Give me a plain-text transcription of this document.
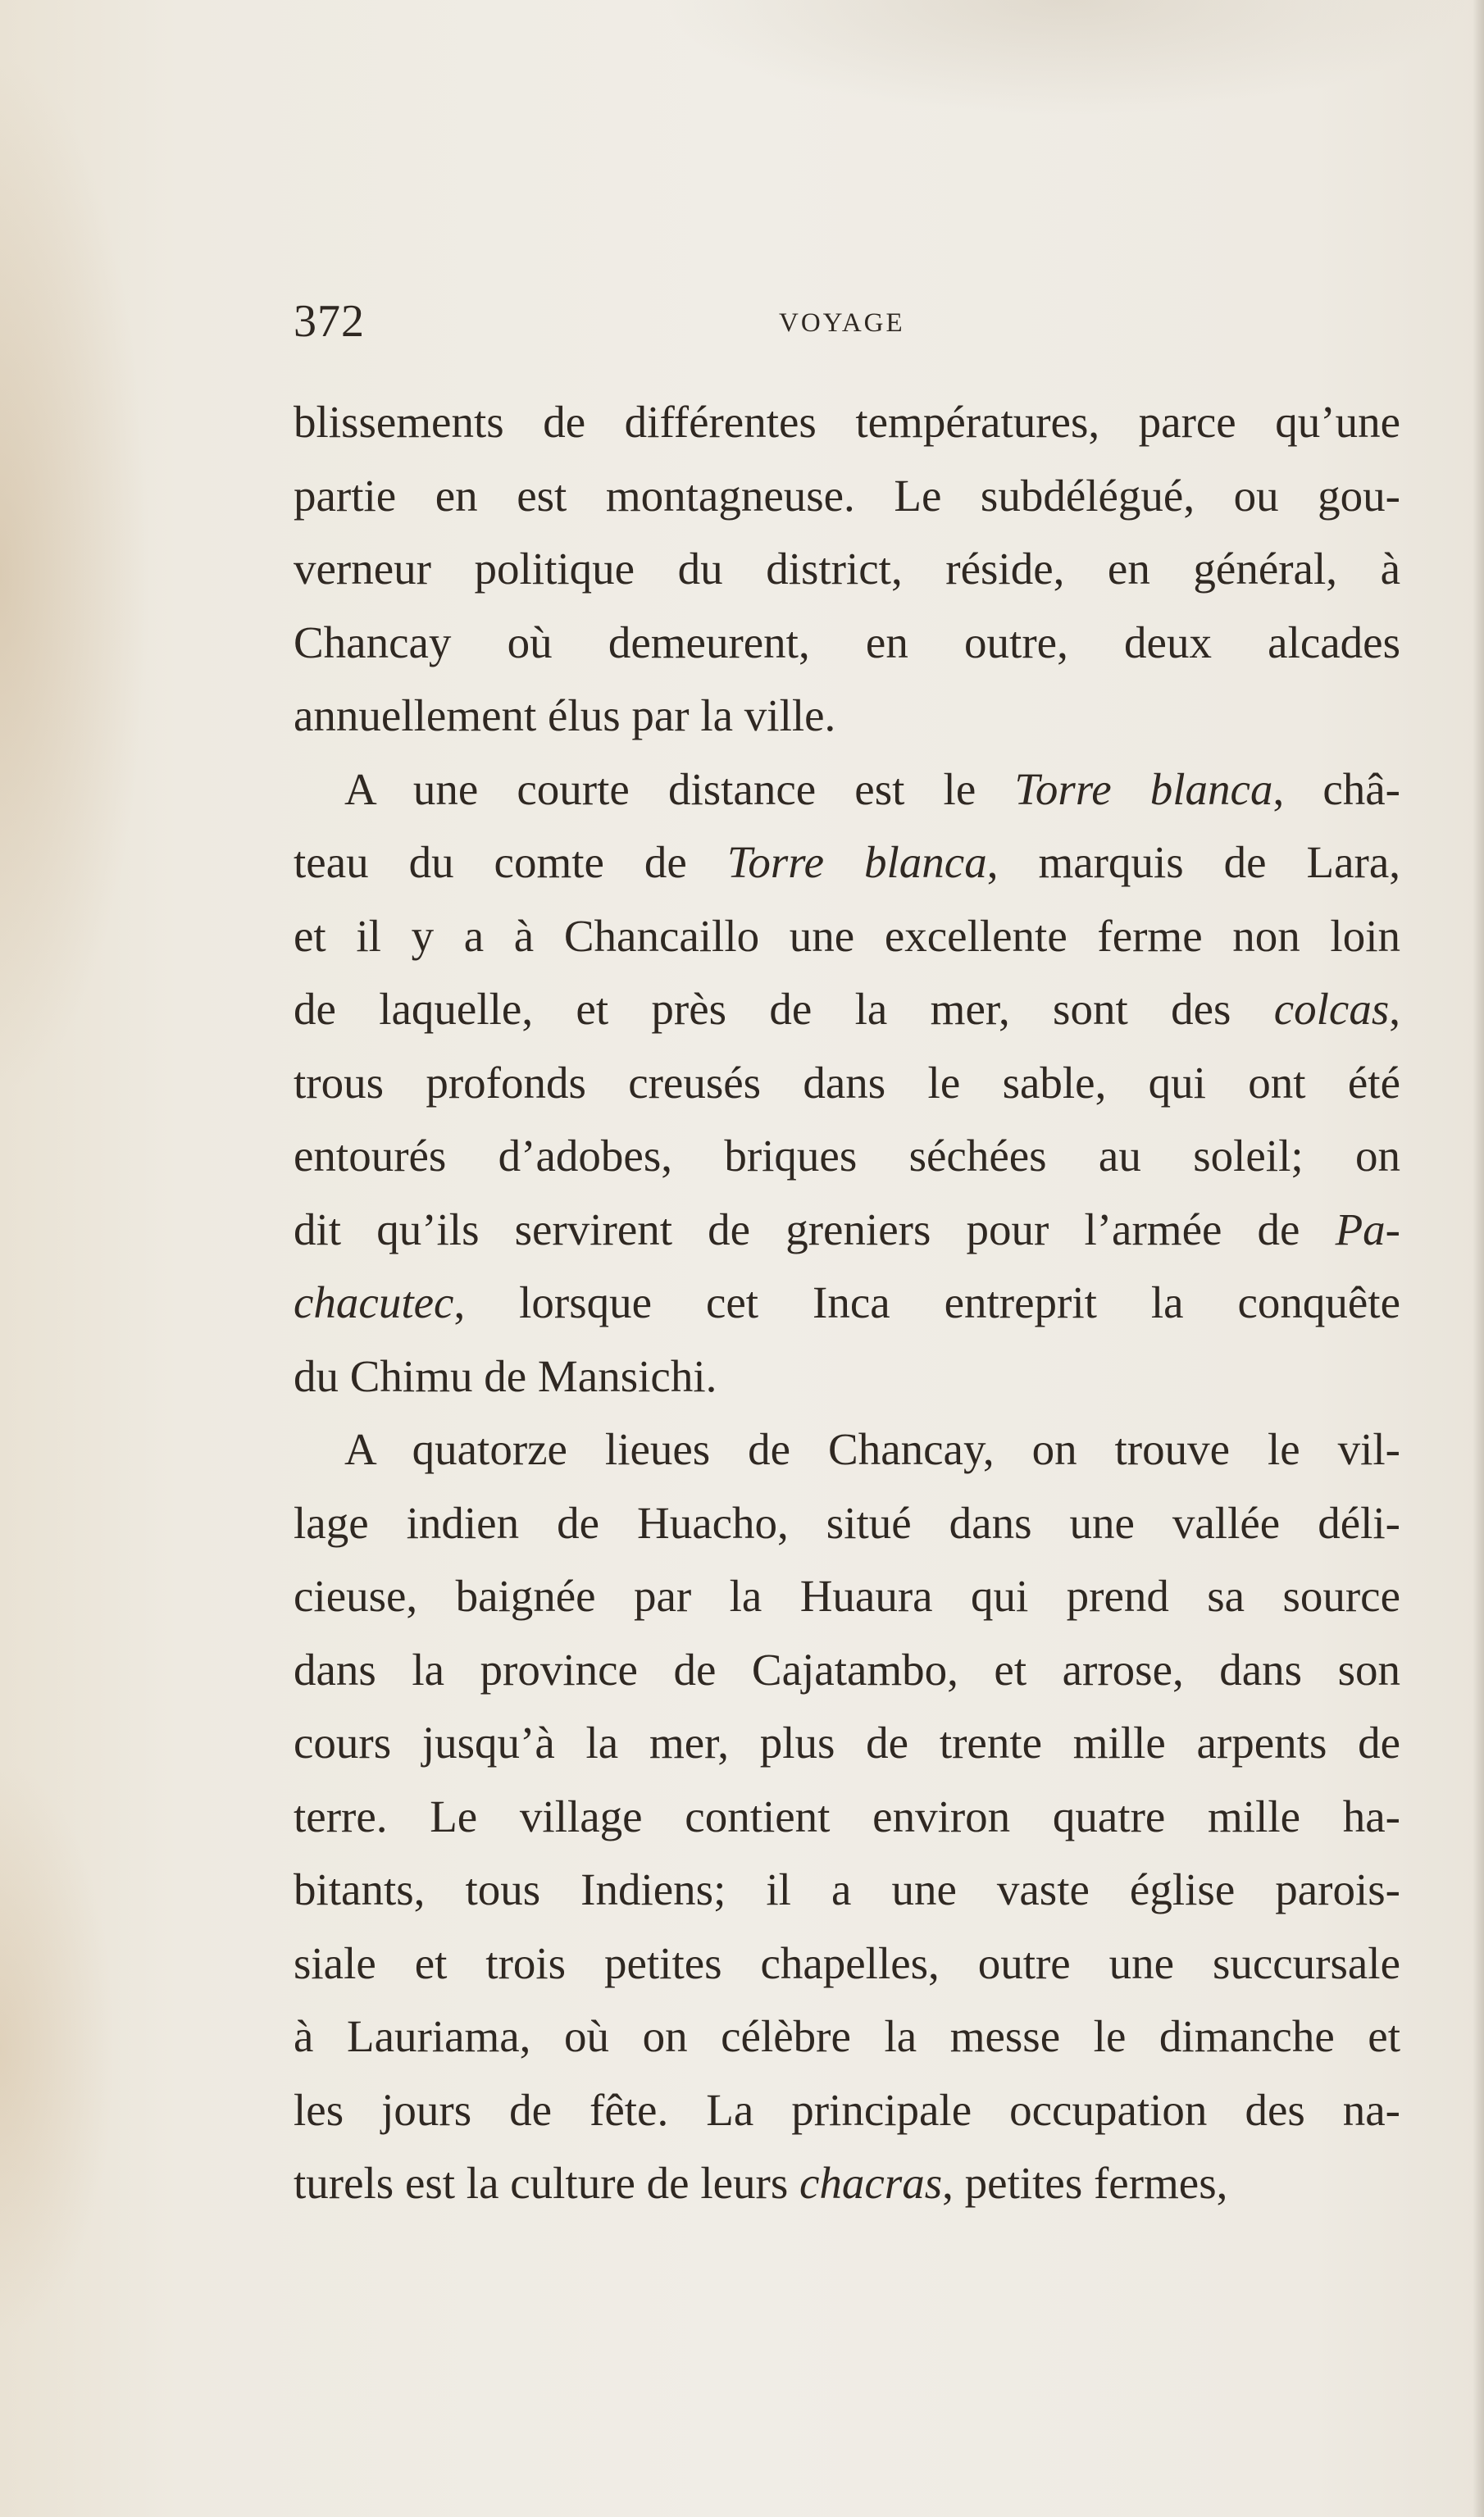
372	VOYAGE
blissements de différentes températures, parce qu’une
partie en est montagneuse. Le subdélégué, ou gou-
verneur politique du district, réside, en général, à
Chancay où demeurent, en outre, deux alcades
annuellement élus par la ville.
A une courte distance est le Torre blanca, châ-
teau du comte de Torre blanca, marquis de Lara,
et il y a à Chancaillo une excellente ferme non loin
de laquelle, et près de la mer, sont des colcas,
trous profonds creusés dans le sable, qui ont été
entourés d’adobes, briques séchées au soleil; on
dit qu’ils servirent de greniers pour l’armée de Pa-
chacutec, lorsque cet Inca entreprit la conquête
du Chimu de Mansichi.
A quatorze lieues de Chancay, on trouve le vil-
lage indien de Huacho, situé dans une vallée déli-
cieuse, baignée par la Huaura qui prend sa source
dans la province de Cajatambo, et arrose, dans son
cours jusqu’à la mer, plus de trente mille arpents de
terre. Le village contient environ quatre mille ha-
bitants, tous Indiens; il a une vaste église parois-
siale et trois petites chapelles, outre une succursale
à Lauriama, où on célèbre la messe le dimanche et
les jours de fête. La principale occupation des na-
turels est la culture de leurs chacras, petites fermes,
